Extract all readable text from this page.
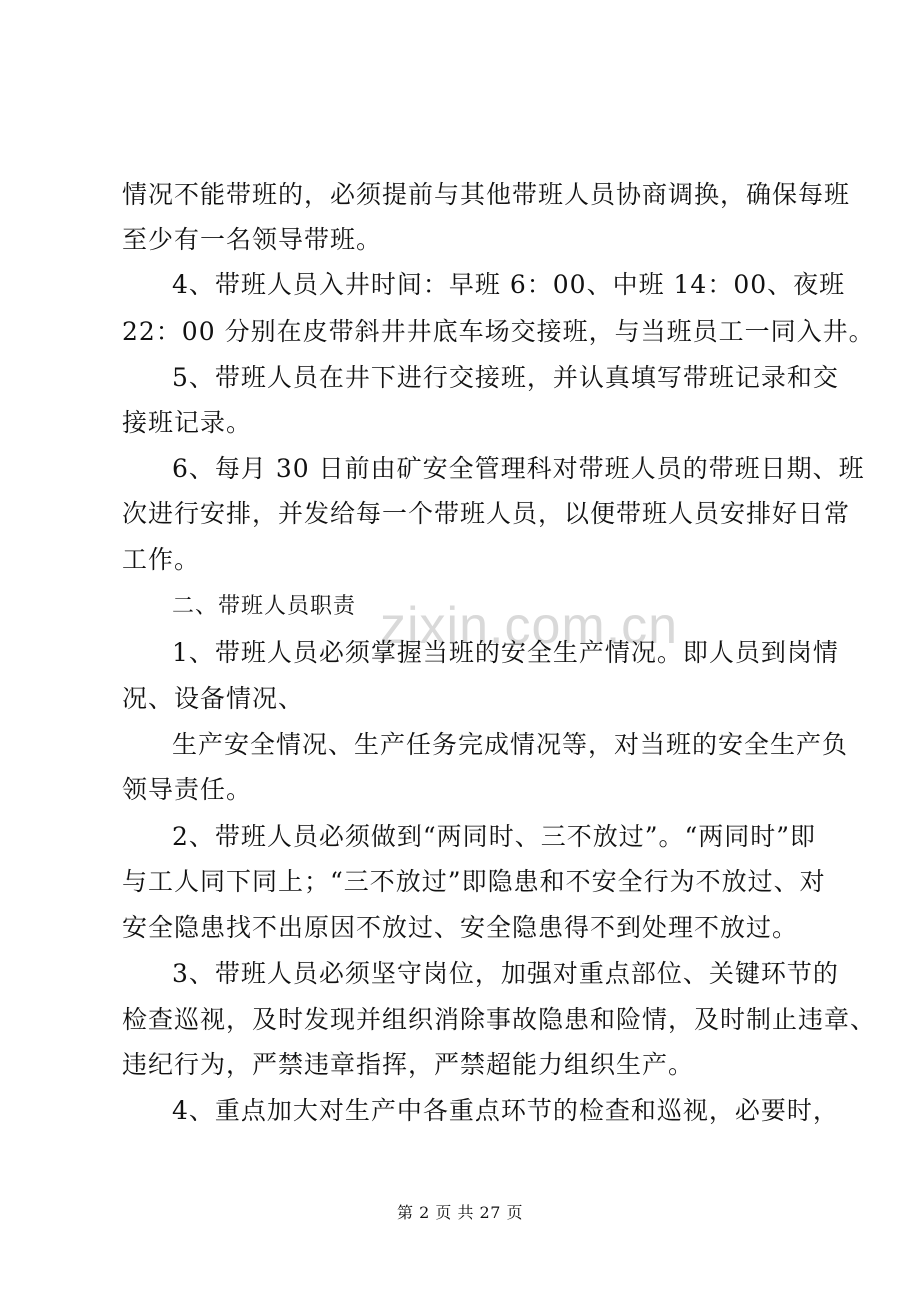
zixin.com.cn
情况不能带班的，必须提前与其他带班人员协商调换，确保每班
至少有一名领导带班。
4、带班人员入井时间：早班 6：00、中班 14：00、夜班
22：00 分别在皮带斜井井底车场交接班，与当班员工一同入井。
5、带班人员在井下进行交接班，并认真填写带班记录和交
接班记录。
6、每月 30 日前由矿安全管理科对带班人员的带班日期、班
次进行安排，并发给每一个带班人员，以便带班人员安排好日常
工作。
二、带班人员职责
1、带班人员必须掌握当班的安全生产情况。即人员到岗情
况、设备情况、
生产安全情况、生产任务完成情况等，对当班的安全生产负
领导责任。
2、带班人员必须做到“两同时、三不放过”。“两同时”即
与工人同下同上；“三不放过”即隐患和不安全行为不放过、对
安全隐患找不出原因不放过、安全隐患得不到处理不放过。
3、带班人员必须坚守岗位，加强对重点部位、关键环节的
检查巡视，及时发现并组织消除事故隐患和险情，及时制止违章、
违纪行为，严禁违章指挥，严禁超能力组织生产。
4、重点加大对生产中各重点环节的检查和巡视，必要时，
第 2 页 共 27 页
